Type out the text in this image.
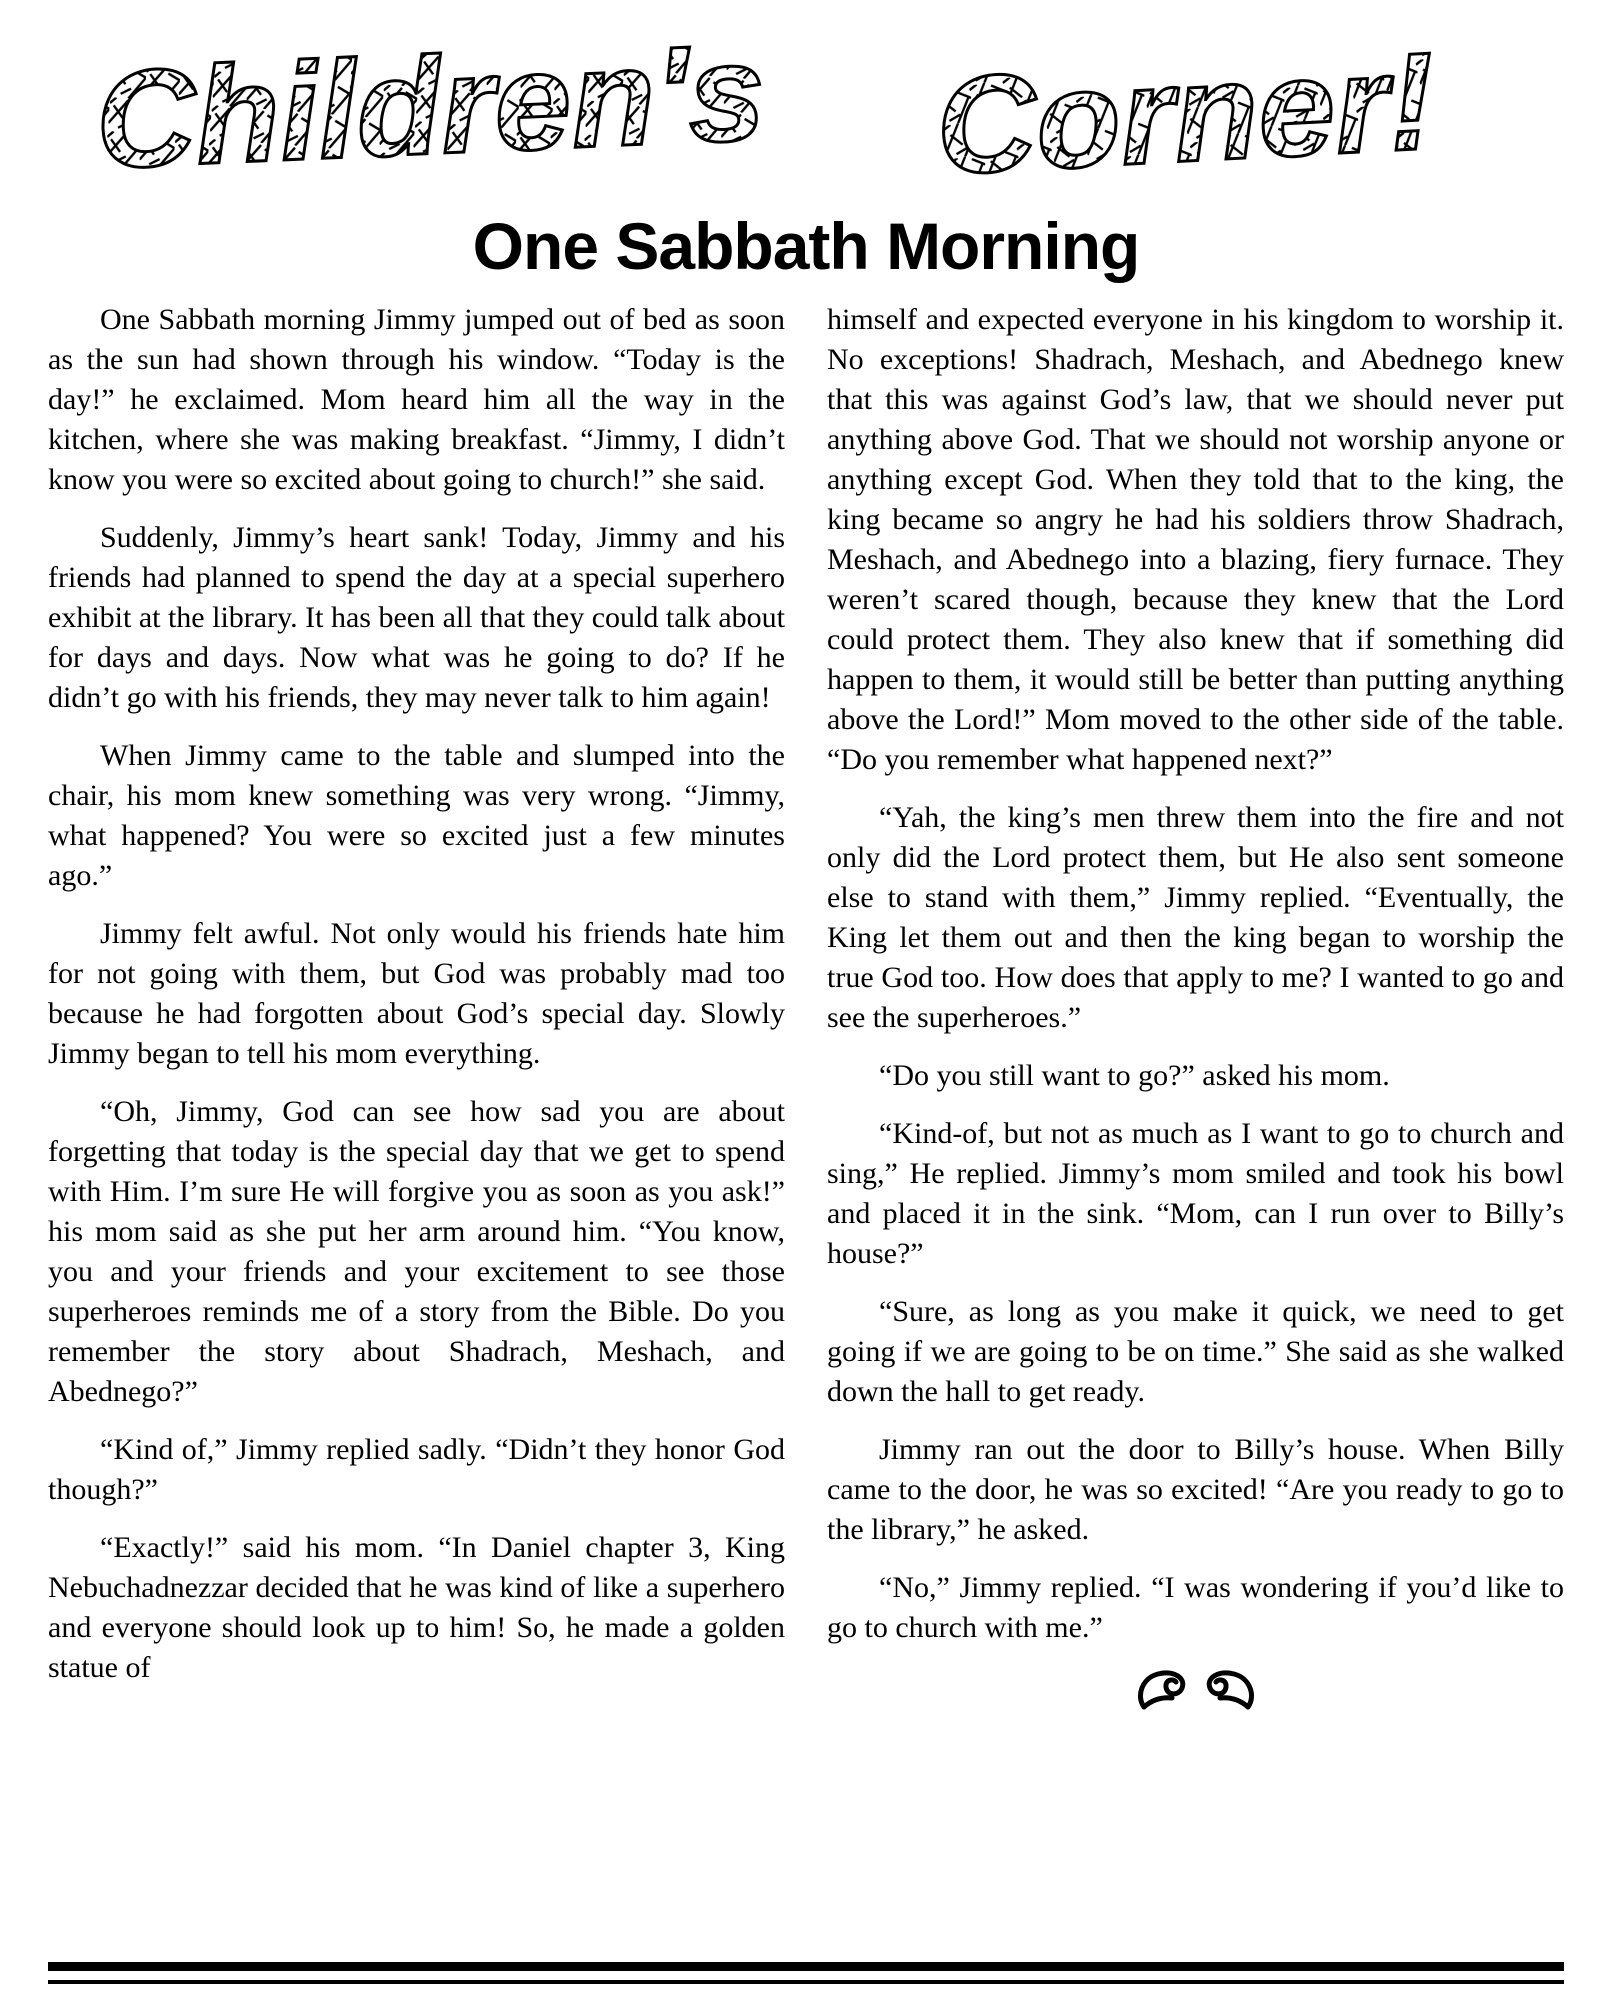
Children's Corner!
One Sabbath Morning

One Sabbath morning Jimmy jumped out of bed as soon as the sun had shown through his window. “Today is the day!” he exclaimed. Mom heard him all the way in the kitchen, where she was making breakfast. “Jimmy, I didn’t know you were so excited about going to church!” she said.

Suddenly, Jimmy’s heart sank! Today, Jimmy and his friends had planned to spend the day at a special superhero exhibit at the library. It has been all that they could talk about for days and days. Now what was he going to do? If he didn’t go with his friends, they may never talk to him again!

When Jimmy came to the table and slumped into the chair, his mom knew something was very wrong. “Jimmy, what happened? You were so excited just a few minutes ago.”

Jimmy felt awful. Not only would his friends hate him for not going with them, but God was probably mad too because he had forgotten about God’s special day. Slowly Jimmy began to tell his mom everything.

“Oh, Jimmy, God can see how sad you are about forgetting that today is the special day that we get to spend with Him. I’m sure He will forgive you as soon as you ask!” his mom said as she put her arm around him. “You know, you and your friends and your excitement to see those superheroes reminds me of a story from the Bible. Do you remember the story about Shadrach, Meshach, and Abednego?”

“Kind of,” Jimmy replied sadly. “Didn’t they honor God though?”

“Exactly!” said his mom. “In Daniel chapter 3, King Nebuchadnezzar decided that he was kind of like a superhero and everyone should look up to him! So, he made a golden statue of

himself and expected everyone in his kingdom to worship it. No exceptions! Shadrach, Meshach, and Abednego knew that this was against God’s law, that we should never put anything above God. That we should not worship anyone or anything except God. When they told that to the king, the king became so angry he had his soldiers throw Shadrach, Meshach, and Abednego into a blazing, fiery furnace. They weren’t scared though, because they knew that the Lord could protect them. They also knew that if something did happen to them, it would still be better than putting anything above the Lord!” Mom moved to the other side of the table. “Do you remember what happened next?”

“Yah, the king’s men threw them into the fire and not only did the Lord protect them, but He also sent someone else to stand with them,” Jimmy replied. “Eventually, the King let them out and then the king began to worship the true God too. How does that apply to me? I wanted to go and see the superheroes.”

“Do you still want to go?” asked his mom.

“Kind-of, but not as much as I want to go to church and sing,” He replied. Jimmy’s mom smiled and took his bowl and placed it in the sink. “Mom, can I run over to Billy’s house?”

“Sure, as long as you make it quick, we need to get going if we are going to be on time.” She said as she walked down the hall to get ready.

Jimmy ran out the door to Billy’s house. When Billy came to the door, he was so excited! “Are you ready to go to the library,” he asked.

“No,” Jimmy replied. “I was wondering if you’d like to go to church with me.”
